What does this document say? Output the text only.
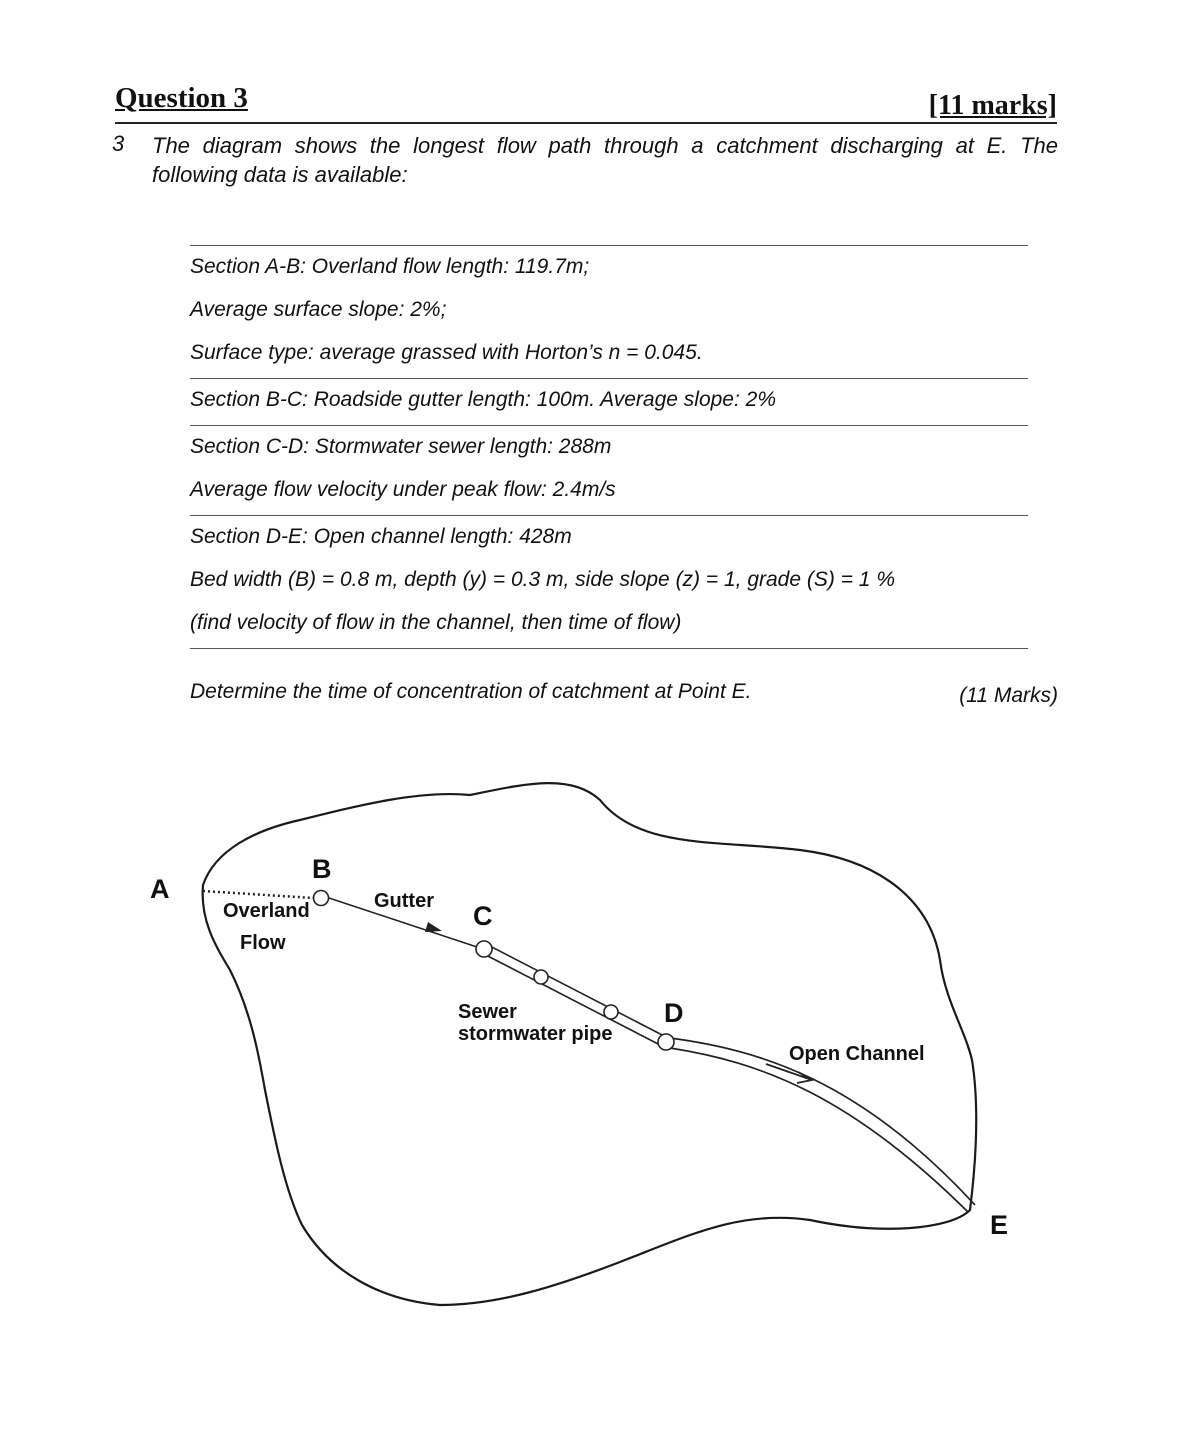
Question 3	[11 marks]
3 The diagram shows the longest flow path through a catchment discharging at E. The following data is available:
Section A-B: Overland flow length: 119.7m;
Average surface slope: 2%;
Surface type: average grassed with Horton’s n = 0.045.
Section B-C: Roadside gutter length: 100m. Average slope: 2%
Section C-D: Stormwater sewer length: 288m
Average flow velocity under peak flow: 2.4m/s
Section D-E: Open channel length: 428m
Bed width (B) = 0.8 m, depth (y) = 0.3 m, side slope (z) = 1, grade (S) = 1 %
(find velocity of flow in the channel, then time of flow)
Determine the time of concentration of catchment at Point E.	(11 Marks)
A
B
C
D
E
Overland
Flow
Gutter
Sewer
stormwater pipe
Open Channel
